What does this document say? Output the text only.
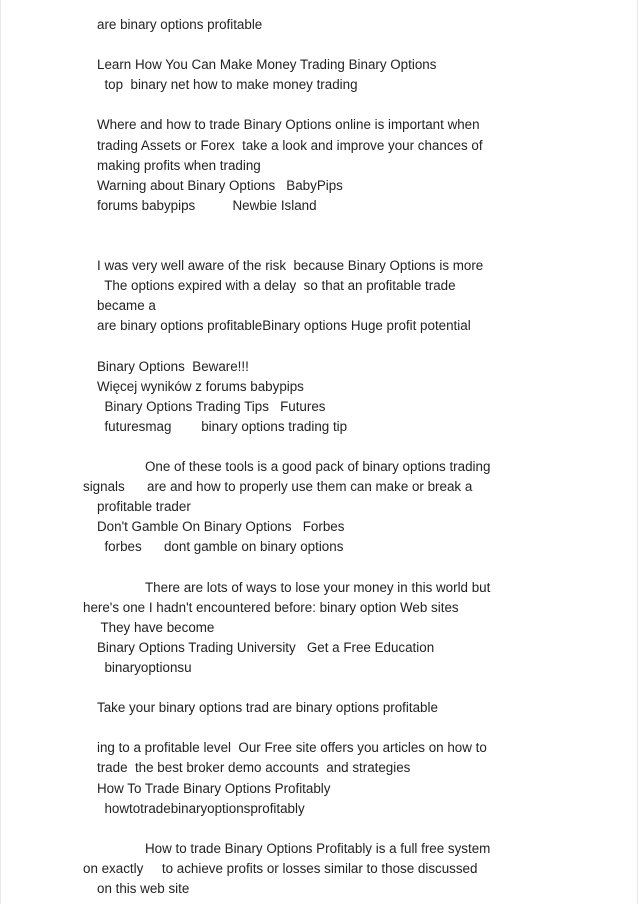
are binary options profitable
Learn How You Can Make Money Trading Binary Options
top  binary net how to make money trading
Where and how to trade Binary Options online is important when
trading Assets or Forex  take a look and improve your chances of
making profits when trading
Warning about Binary Options   BabyPips
forums babypips          Newbie Island
I was very well aware of the risk  because Binary Options is more
The options expired with a delay  so that an profitable trade
became a
are binary options profitableBinary options Huge profit potential
Binary Options  Beware!!!
Więcej wyników z forums babypips
Binary Options Trading Tips   Futures
futuresmag        binary options trading tip
One of these tools is a good pack of binary options trading
signals      are and how to properly use them can make or break a
profitable trader
Don't Gamble On Binary Options   Forbes
forbes      dont gamble on binary options
There are lots of ways to lose your money in this world but
here's one I hadn't encountered before: binary option Web sites
They have become
Binary Options Trading University   Get a Free Education
binaryoptionsu
Take your binary options trad are binary options profitable
ing to a profitable level  Our Free site offers you articles on how to
trade  the best broker demo accounts  and strategies
How To Trade Binary Options Profitably
howtotradebinaryoptionsprofitably
How to trade Binary Options Profitably is a full free system
on exactly     to achieve profits or losses similar to those discussed
on this web site
